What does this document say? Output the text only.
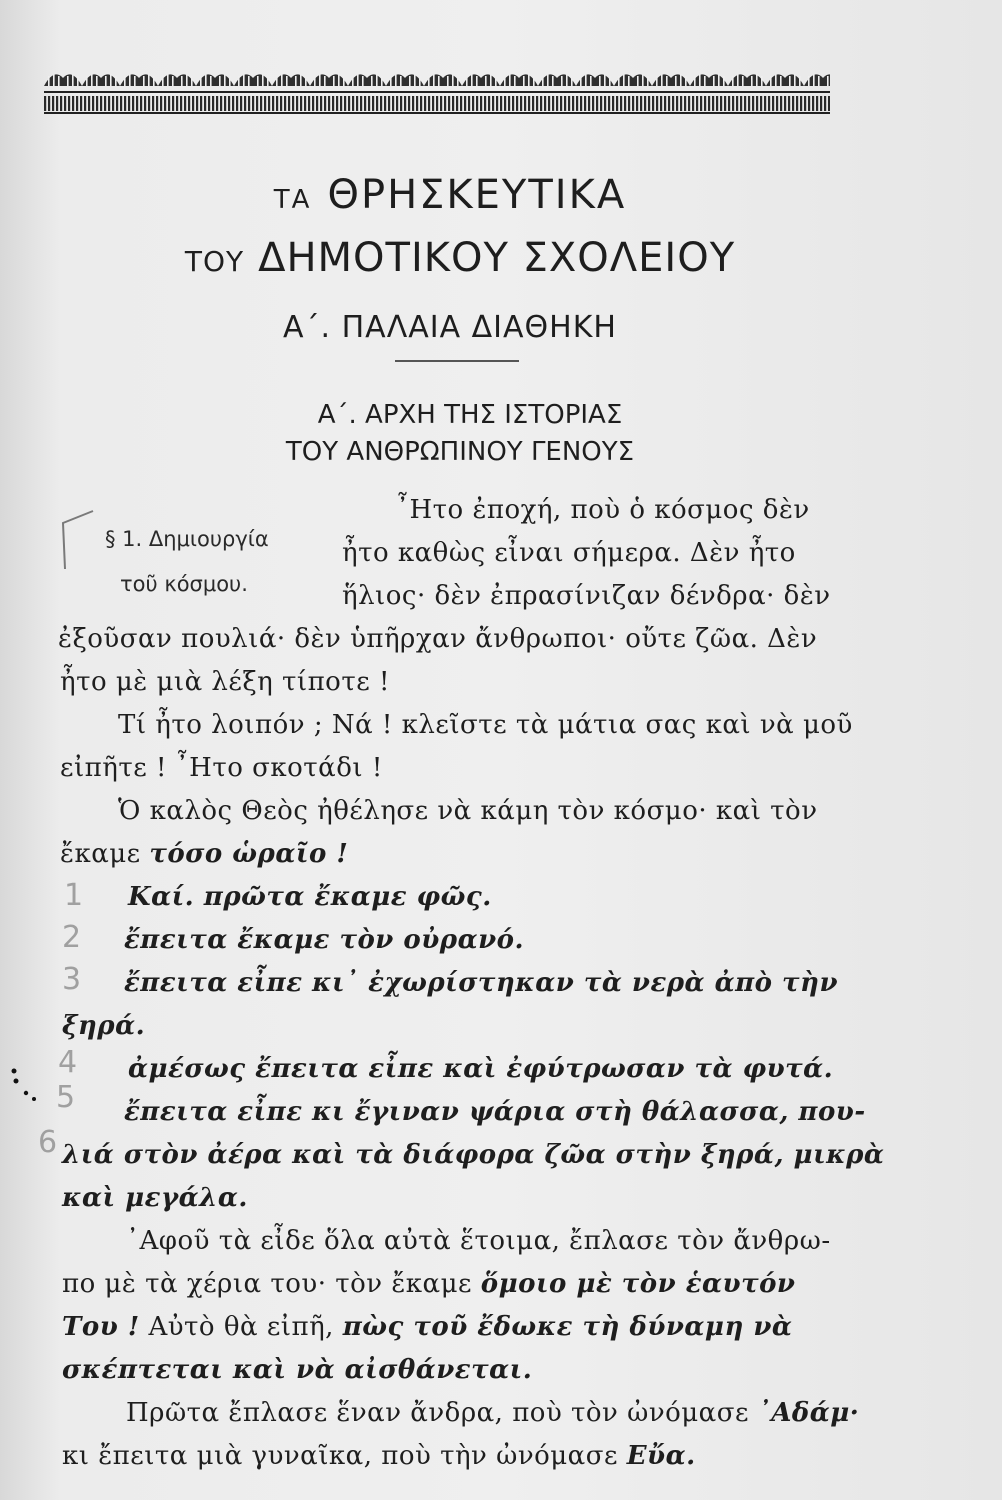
ΤΑ ΘΡΗΣΚΕΥΤΙΚΑ
ΤΟΥ ΔΗΜΟΤΙΚΟΥ ΣΧΟΛΕΙΟΥ
Α΄. ΠΑΛΑΙΑ ΔΙΑΘΗΚΗ
Α΄. ΑΡΧΗ ΤΗΣ ΙΣΤΟΡΙΑΣ
ΤΟΥ ΑΝΘΡΩΠΙΝΟΥ ΓΕΝΟΥΣ
§ 1. Δημιουργία
τοῦ κόσμου.
῏Ητο ἐποχή, ποὺ ὁ κόσμος δὲν
ἦτο καθὼς εἶναι σήμερα. Δὲν ἦτο
ἥλιος· δὲν ἐπρασίνιζαν δένδρα· δὲν
ἐξοῦσαν πουλιά· δὲν ὑπῆρχαν ἄνθρωποι· οὔτε ζῶα. Δὲν
ἦτο μὲ μιὰ λέξη τίποτε !
Τί ἦτο λοιπόν ; Νά ! κλεῖστε τὰ μάτια σας καὶ νὰ μοῦ
εἰπῆτε ! ῏Ητο σκοτάδι !
Ὁ καλὸς Θεὸς ἠθέλησε νὰ κάμη τὸν κόσμο· καὶ τὸν
ἔκαμε τόσο ὡραῖο !
Καί. πρῶτα ἔκαμε φῶς.
ἔπειτα ἔκαμε τὸν οὐρανό.
ἔπειτα εἶπε κι᾿ ἐχωρίστηκαν τὰ νερὰ ἀπὸ τὴν
ξηρά.
ἀμέσως ἔπειτα εἶπε καὶ ἐφύτρωσαν τὰ φυτά.
ἔπειτα εἶπε κι ἔγιναν ψάρια στὴ θάλασσα, που-
λιά στὸν ἀέρα καὶ τὰ διάφορα ζῶα στὴν ξηρά, μικρὰ
καὶ μεγάλα.
᾿Αφοῦ τὰ εἶδε ὅλα αὐτὰ ἕτοιμα, ἔπλασε τὸν ἄνθρω-
πο μὲ τὰ χέρια του· τὸν ἔκαμε ὅμοιο μὲ τὸν ἑαυτόν
Του ! Αὐτὸ θὰ εἰπῆ, πὼς τοῦ ἔδωκε τὴ δύναμη νὰ
σκέπτεται καὶ νὰ αἰσθάνεται.
Πρῶτα ἔπλασε ἕναν ἄνδρα, ποὺ τὸν ὠνόμασε ᾿Αδάμ·
κι ἔπειτα μιὰ γυναῖκα, ποὺ τὴν ὠνόμασε Εὔα.
1
2
3
4
5
6
